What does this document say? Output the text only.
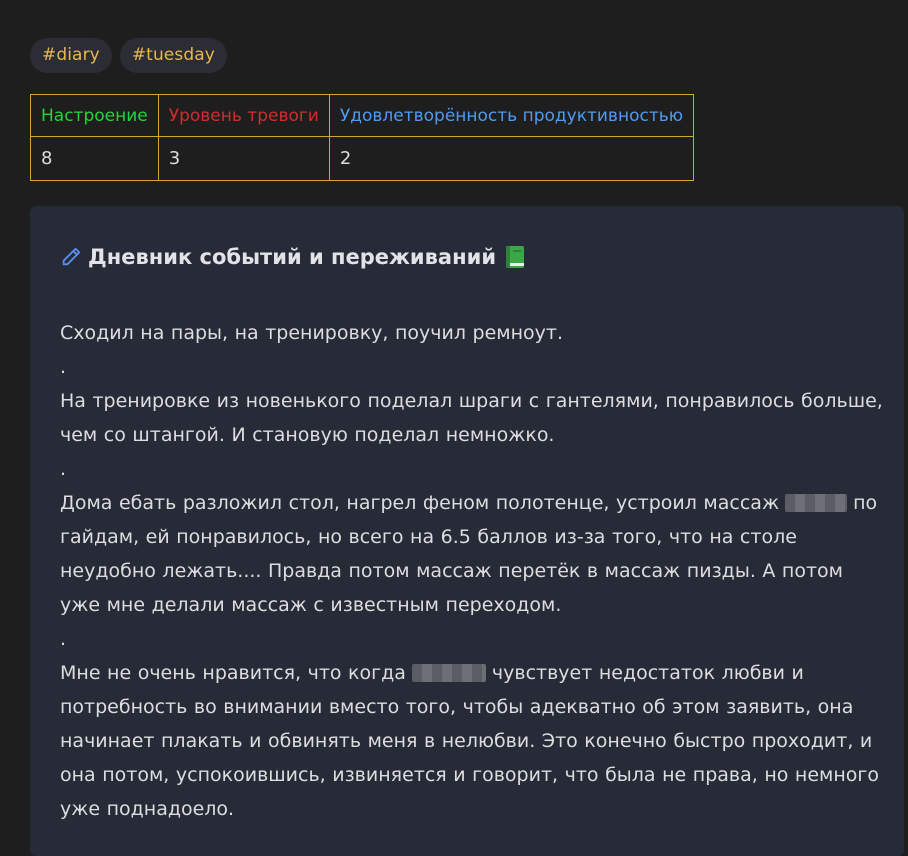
#diary	#tuesday
Настроение	Уровень тревоги	Удовлетворённость продуктивностью
8	3	2
Дневник событий и переживаний

Сходил на пары, на тренировку, поучил ремноут.

.

На тренировке из новенького поделал шраги с гантелями, понравилось больше, чем со штангой. И становую поделал немножко.

.

Дома ебать разложил стол, нагрел феном полотенце, устроил массаж	по гайдам, ей понравилось, но всего на 6.5 баллов из-за того, что на столе неудобно лежать.... Правда потом массаж перетёк в массаж пизды. А потом уже мне делали массаж с известным переходом.

.

Мне не очень нравится, что когда	чувствует недостаток любви и потребность во внимании вместо того, чтобы адекватно об этом заявить, она начинает плакать и обвинять меня в нелюбви. Это конечно быстро проходит, и она потом, успокоившись, извиняется и говорит, что была не права, но немного уже поднадоело.
